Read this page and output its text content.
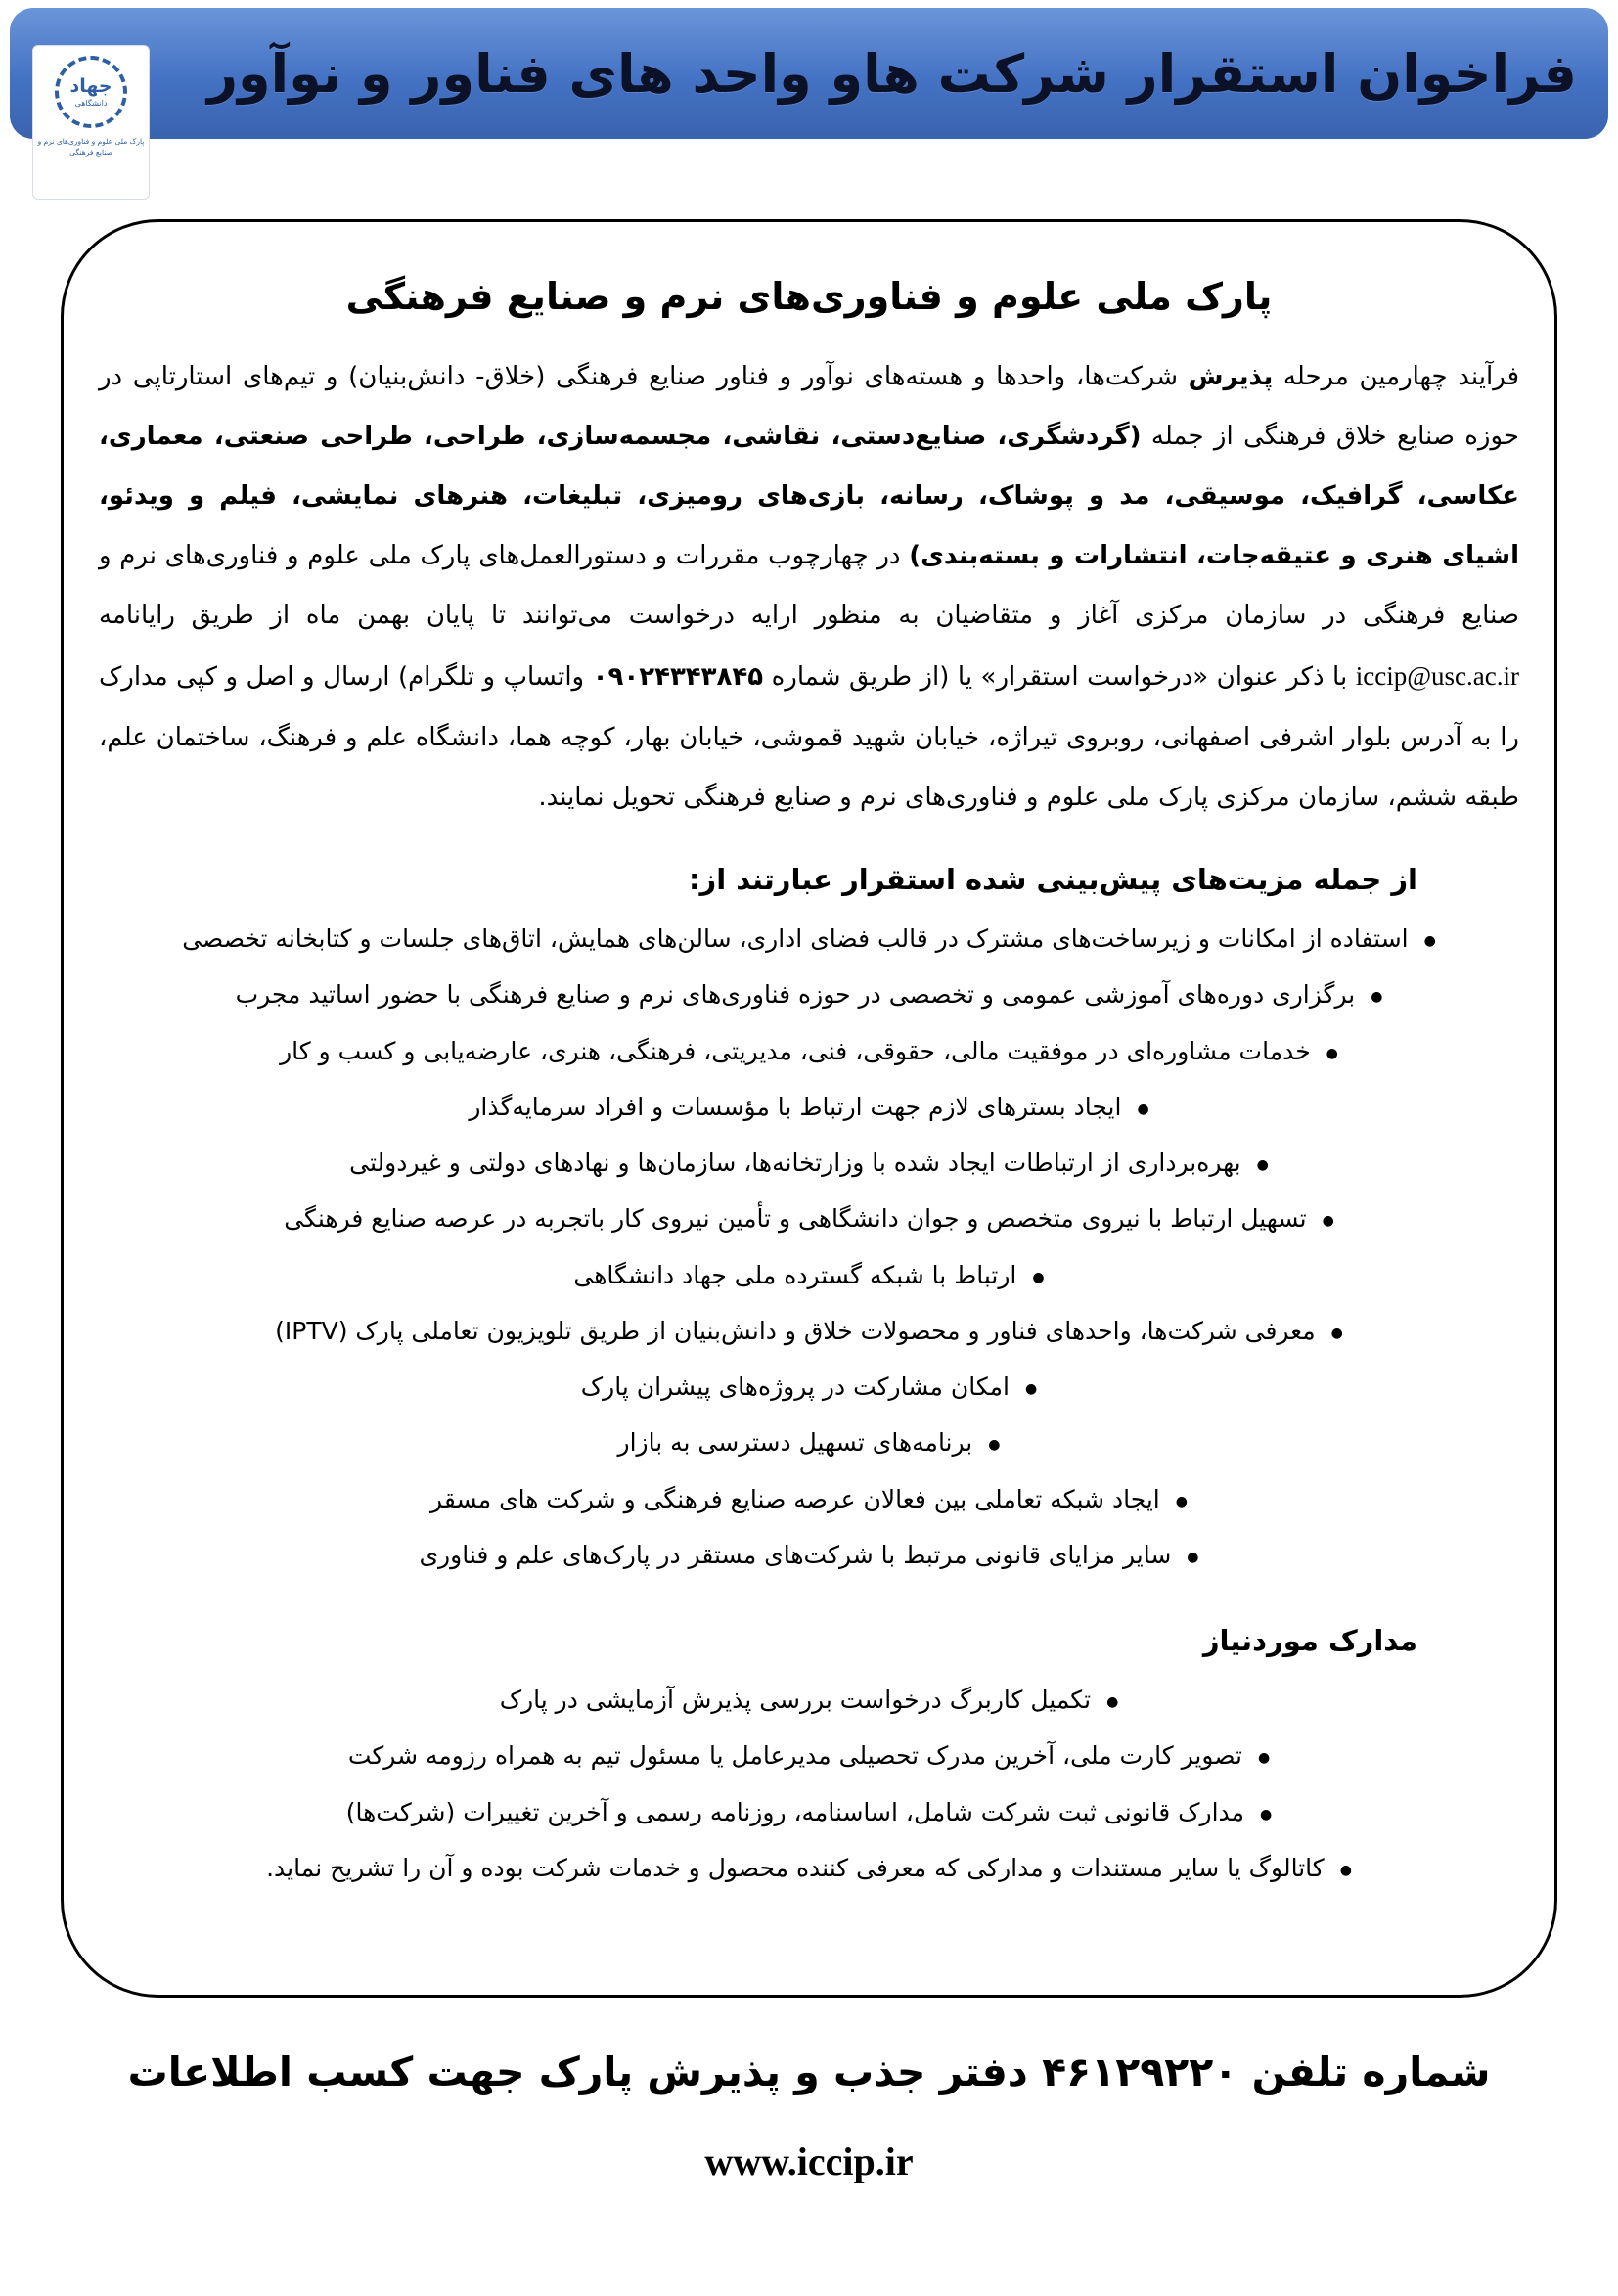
فراخوان استقرار شرکت هاو واحد های فناور و نوآور
جهاد
دانشگاهی
پارک ملی علوم و فناوری‌های نرم و
صنایع فرهنگی
پارک ملی علوم و فناوری‌های نرم و صنایع فرهنگی

فرآیند چهارمین مرحله پذیرش شرکت‌ها، واحدها و هسته‌های نوآور و فناور صنایع فرهنگی (خلاق- دانش‌بنیان) و تیم‌های استارتاپی در حوزه صنایع خلاق فرهنگی از جمله (گردشگری، صنایع‌دستی، نقاشی، مجسمه‌سازی، طراحی، طراحی صنعتی، معماری، عکاسی، گرافیک، موسیقی، مد و پوشاک، رسانه، بازی‌های رومیزی، تبلیغات، هنرهای نمایشی، فیلم و ویدئو، اشیای هنری و عتیقه‌جات، انتشارات و بسته‌بندی) در چهارچوب مقررات و دستورالعمل‌های پارک ملی علوم و فناوری‌های نرم و صنایع فرهنگی در سازمان مرکزی آغاز و متقاضیان به منظور ارایه درخواست می‌توانند تا پایان بهمن ماه از طریق رایانامه iccip@usc.ac.ir با ذکر عنوان «درخواست استقرار» یا (از طریق شماره ۰۹۰۲۴۳۴۳۸۴۵ واتساپ و تلگرام) ارسال و اصل و کپی مدارک را به آدرس بلوار اشرفی اصفهانی، روبروی تیراژه، خیابان شهید قموشی، خیابان بهار، کوچه هما، دانشگاه علم و فرهنگ، ساختمان علم، طبقه ششم، سازمان مرکزی پارک ملی علوم و فناوری‌های نرم و صنایع فرهنگی تحویل نمایند.

از جمله مزیت‌های پیش‌بینی شده استقرار عبارتند از:
●استفاده از امکانات و زیرساخت‌های مشترک در قالب فضای اداری، سالن‌های همایش، اتاق‌های جلسات و کتابخانه تخصصی
●برگزاری دوره‌های آموزشی عمومی و تخصصی در حوزه فناوری‌های نرم و صنایع فرهنگی با حضور اساتید مجرب
●خدمات مشاوره‌ای در موفقیت مالی، حقوقی، فنی، مدیریتی، فرهنگی، هنری، عارضه‌یابی و کسب و کار
●ایجاد بسترهای لازم جهت ارتباط با مؤسسات و افراد سرمایه‌گذار
●بهره‌برداری از ارتباطات ایجاد شده با وزارتخانه‌ها، سازمان‌ها و نهادهای دولتی و غیردولتی
●تسهیل ارتباط با نیروی متخصص و جوان دانشگاهی و تأمین نیروی کار باتجربه در عرصه صنایع فرهنگی
●ارتباط با شبکه گسترده ملی جهاد دانشگاهی
●معرفی شرکت‌ها، واحدهای فناور و محصولات خلاق و دانش‌بنیان از طریق تلویزیون تعاملی پارک (IPTV)
●امکان مشارکت در پروژه‌های پیشران پارک
●برنامه‌های تسهیل دسترسی به بازار
●ایجاد شبکه تعاملی بین فعالان عرصه صنایع فرهنگی و شرکت های مسقر
●سایر مزایای قانونی مرتبط با شرکت‌های مستقر در پارک‌های علم و فناوری
مدارک موردنیاز
●تکمیل کاربرگ درخواست بررسی پذیرش آزمایشی در پارک
●تصویر کارت ملی، آخرین مدرک تحصیلی مدیرعامل یا مسئول تیم به همراه رزومه شرکت
●مدارک قانونی ثبت شرکت شامل، اساسنامه، روزنامه رسمی و آخرین تغییرات (شرکت‌ها)
●کاتالوگ یا سایر مستندات و مدارکی که معرفی کننده محصول و خدمات شرکت بوده و آن را تشریح نماید.
شماره تلفن ۴۶۱۲۹۲۲۰ دفتر جذب و پذیرش پارک جهت کسب اطلاعات
www.iccip.ir
